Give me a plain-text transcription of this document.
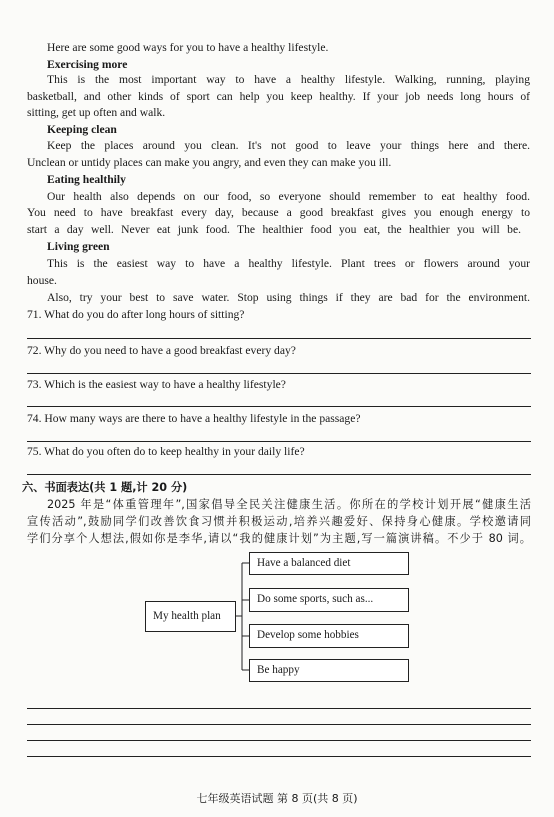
Here are some good ways for you to have a healthy lifestyle.
Exercising more
This is the most important way to have a healthy lifestyle. Walking, running, playing
basketball, and other kinds of sport can help you keep healthy. If your job needs long hours of
sitting, get up often and walk.
Keeping clean
Keep the places around you clean. It's not good to leave your things here and there.
Unclean or untidy places can make you angry, and even they can make you ill.
Eating healthily
Our health also depends on our food, so everyone should remember to eat healthy food.
You need to have breakfast every day, because a good breakfast gives you enough energy to
start a day well. Never eat junk food. The healthier food you eat, the healthier you will be.
Living green
This is the easiest way to have a healthy lifestyle. Plant trees or flowers around your
house.
Also, try your best to save water. Stop using things if they are bad for the environment.
71. What do you do after long hours of sitting?
72. Why do you need to have a good breakfast every day?
73. Which is the easiest way to have a healthy lifestyle?
74. How many ways are there to have a healthy lifestyle in the passage?
75. What do you often do to keep healthy in your daily life?
六、书面表达(共 1 题,计 20 分)
2025 年是“体重管理年”,国家倡导全民关注健康生活。你所在的学校计划开展“健康生活
宣传活动”,鼓励同学们改善饮食习惯并积极运动,培养兴趣爱好、保持身心健康。学校邀请同
学们分享个人想法,假如你是李华,请以“我的健康计划”为主题,写一篇演讲稿。不少于 80 词。
My health plan
Have a balanced diet
Do some sports, such as...
Develop some hobbies
Be happy
七年级英语试题 第 8 页(共 8 页)
